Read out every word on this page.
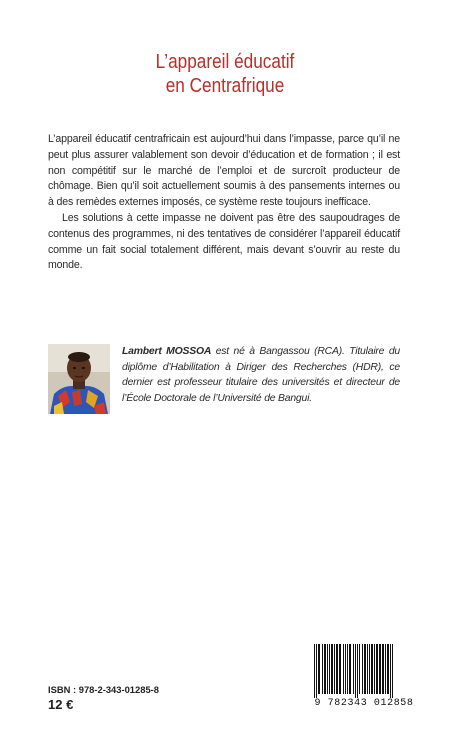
L’appareil éducatif
en Centrafrique

L’appareil éducatif centrafricain est aujourd’hui dans l’impasse, parce qu’il ne peut plus assurer valablement son devoir d’éducation et de formation ; il est non compétitif sur le marché de l’emploi et de surcroît producteur de chômage. Bien qu’il soit actuellement soumis à des pansements internes ou à des remèdes externes imposés, ce système reste toujours inefficace.

Les solutions à cette impasse ne doivent pas être des saupoudrages de contenus des programmes, ni des tentatives de considérer l’appareil éducatif comme un fait social totalement différent, mais devant s’ouvrir au reste du monde.

Lambert MOSSOA est né à Bangassou (RCA). Titulaire du diplôme d’Habilitation à Diriger des Recherches (HDR), ce dernier est professeur titulaire des universités et directeur de l’École Doctorale de l’Université de Bangui.
ISBN : 978-2-343-01285-8
12 €	9 782343 012858
